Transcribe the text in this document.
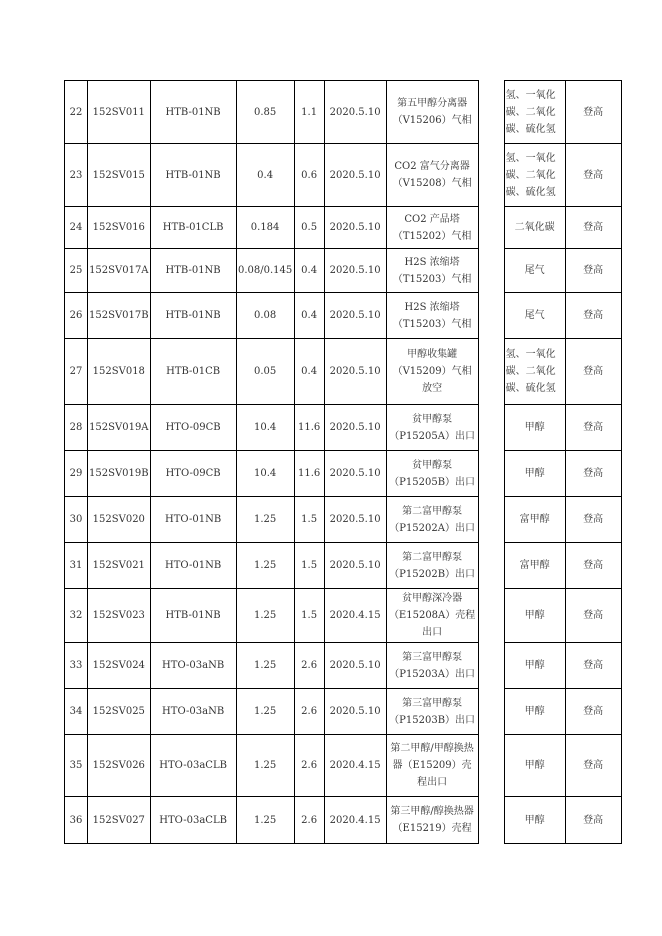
22	152SV011	HTB-01NB	0.85	1.1	2020.5.10	第五甲醇分离器（V15206）气相		氢、一氧化碳、二氧化碳、硫化氢	登高
23	152SV015	HTB-01NB	0.4	0.6	2020.5.10	CO2 富气分离器（V15208）气相		氢、一氧化碳、二氧化碳、硫化氢	登高
24	152SV016	HTB-01CLB	0.184	0.5	2020.5.10	CO2 产品塔（T15202）气相		二氧化碳	登高
25	152SV017A	HTB-01NB	0.08/0.145	0.4	2020.5.10	H2S 浓缩塔（T15203）气相		尾气	登高
26	152SV017B	HTB-01NB	0.08	0.4	2020.5.10	H2S 浓缩塔（T15203）气相		尾气	登高
27	152SV018	HTB-01CB	0.05	0.4	2020.5.10	甲醇收集罐（V15209）气相放空		氢、一氧化碳、二氧化碳、硫化氢	登高
28	152SV019A	HTO-09CB	10.4	11.6	2020.5.10	贫甲醇泵（P15205A）出口		甲醇	登高
29	152SV019B	HTO-09CB	10.4	11.6	2020.5.10	贫甲醇泵（P15205B）出口		甲醇	登高
30	152SV020	HTO-01NB	1.25	1.5	2020.5.10	第二富甲醇泵（P15202A）出口		富甲醇	登高
31	152SV021	HTO-01NB	1.25	1.5	2020.5.10	第二富甲醇泵（P15202B）出口		富甲醇	登高
32	152SV023	HTB-01NB	1.25	1.5	2020.4.15	贫甲醇深冷器（E15208A）壳程出口		甲醇	登高
33	152SV024	HTO-03aNB	1.25	2.6	2020.5.10	第三富甲醇泵（P15203A）出口		甲醇	登高
34	152SV025	HTO-03aNB	1.25	2.6	2020.5.10	第三富甲醇泵（P15203B）出口		甲醇	登高
35	152SV026	HTO-03aCLB	1.25	2.6	2020.4.15	第二甲醇/甲醇换热器（E15209）壳程出口		甲醇	登高
36	152SV027	HTO-03aCLB	1.25	2.6	2020.4.15	第三甲醇/醇换热器（E15219）壳程		甲醇	登高
